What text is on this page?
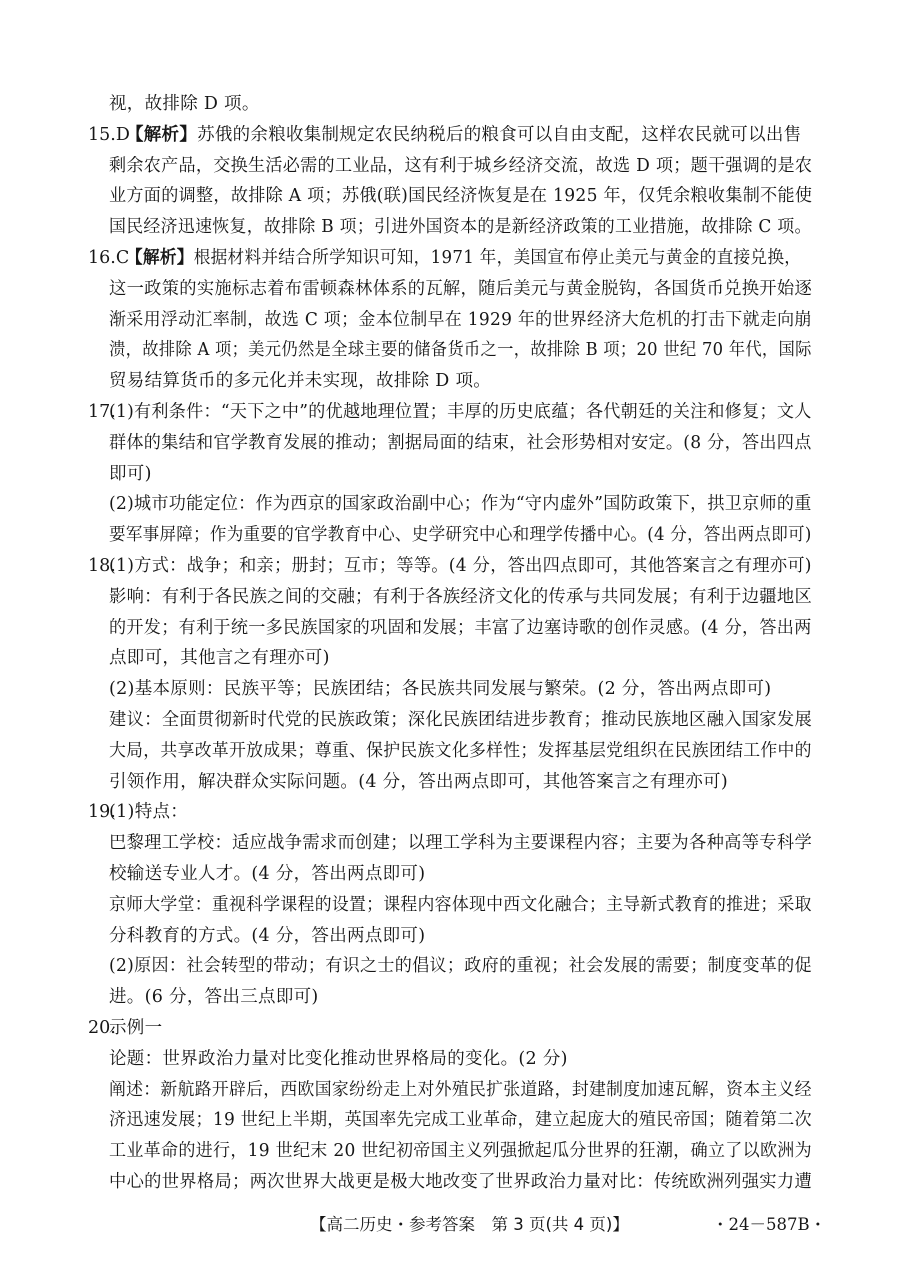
视，故排除 D 项。
15.D
【解析】苏俄的余粮收集制规定农民纳税后的粮食可以自由支配，这样农民就可以出售
剩余农产品，交换生活必需的工业品，这有利于城乡经济交流，故选 D 项；题干强调的是农
业方面的调整，故排除 A 项；苏俄(联)国民经济恢复是在 1925 年，仅凭余粮收集制不能使
国民经济迅速恢复，故排除 B 项；引进外国资本的是新经济政策的工业措施，故排除 C 项。
16.C
【解析】根据材料并结合所学知识可知，1971 年，美国宣布停止美元与黄金的直接兑换，
这一政策的实施标志着布雷顿森林体系的瓦解，随后美元与黄金脱钩，各国货币兑换开始逐
渐采用浮动汇率制，故选 C 项；金本位制早在 1929 年的世界经济大危机的打击下就走向崩
溃，故排除 A 项；美元仍然是全球主要的储备货币之一，故排除 B 项；20 世纪 70 年代，国际
贸易结算货币的多元化并未实现，故排除 D 项。
17.
(1)有利条件：“天下之中”的优越地理位置；丰厚的历史底蕴；各代朝廷的关注和修复；文人
群体的集结和官学教育发展的推动；割据局面的结束，社会形势相对安定。(8 分，答出四点
即可)
(2)城市功能定位：作为西京的国家政治副中心；作为“守内虚外”国防政策下，拱卫京师的重
要军事屏障；作为重要的官学教育中心、史学研究中心和理学传播中心。(4 分，答出两点即可)
18.
(1)方式：战争；和亲；册封；互市；等等。(4 分，答出四点即可，其他答案言之有理亦可)
影响：有利于各民族之间的交融；有利于各族经济文化的传承与共同发展；有利于边疆地区
的开发；有利于统一多民族国家的巩固和发展；丰富了边塞诗歌的创作灵感。(4 分，答出两
点即可，其他言之有理亦可)
(2)基本原则：民族平等；民族团结；各民族共同发展与繁荣。(2 分，答出两点即可)
建议：全面贯彻新时代党的民族政策；深化民族团结进步教育；推动民族地区融入国家发展
大局，共享改革开放成果；尊重、保护民族文化多样性；发挥基层党组织在民族团结工作中的
引领作用，解决群众实际问题。(4 分，答出两点即可，其他答案言之有理亦可)
19.
(1)特点：
巴黎理工学校：适应战争需求而创建；以理工学科为主要课程内容；主要为各种高等专科学
校输送专业人才。(4 分，答出两点即可)
京师大学堂：重视科学课程的设置；课程内容体现中西文化融合；主导新式教育的推进；采取
分科教育的方式。(4 分，答出两点即可)
(2)原因：社会转型的带动；有识之士的倡议；政府的重视；社会发展的需要；制度变革的促
进。(6 分，答出三点即可)
20.
示例一
论题：世界政治力量对比变化推动世界格局的变化。(2 分)
阐述：新航路开辟后，西欧国家纷纷走上对外殖民扩张道路，封建制度加速瓦解，资本主义经
济迅速发展；19 世纪上半期，英国率先完成工业革命，建立起庞大的殖民帝国；随着第二次
工业革命的进行，19 世纪末 20 世纪初帝国主义列强掀起瓜分世界的狂潮，确立了以欧洲为
中心的世界格局；两次世界大战更是极大地改变了世界政治力量对比：传统欧洲列强实力遭
【高二历史・参考答案　第 3 页(共 4 页)】	・24－587B・
